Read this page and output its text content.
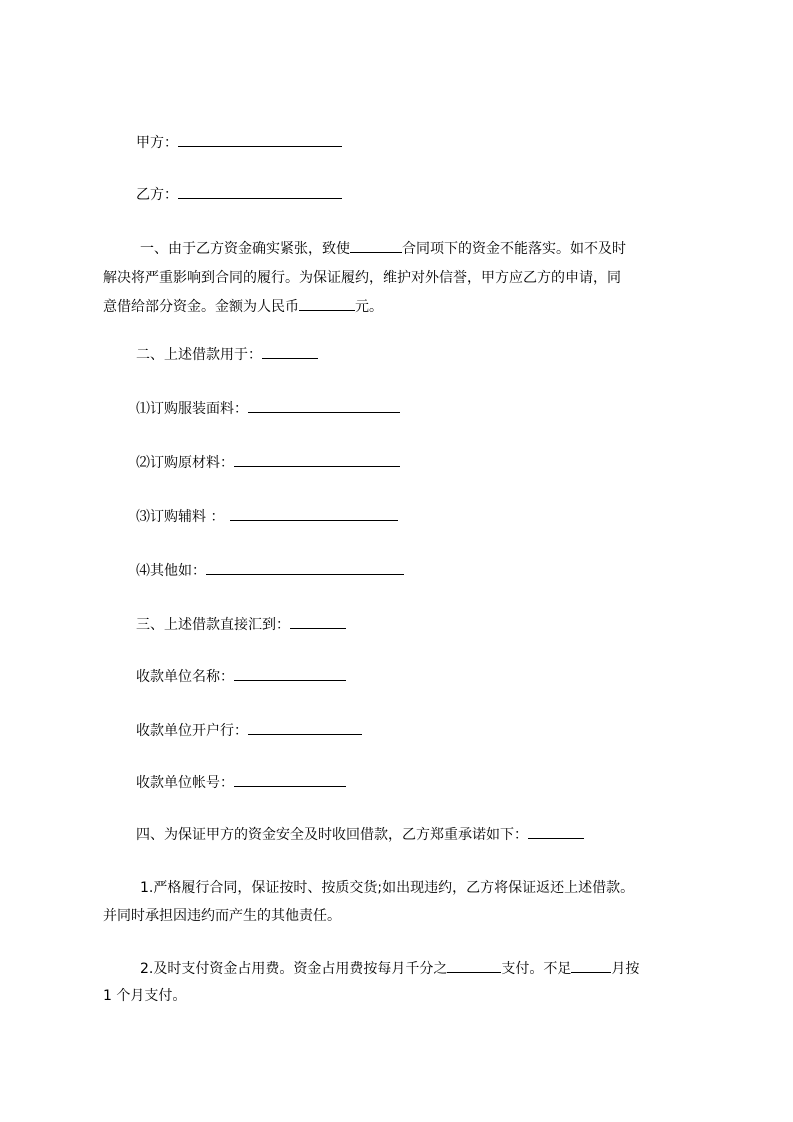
甲方：
乙方：
一、由于乙方资金确实紧张，致使	合同项下的资金不能落实。如不及时
解决将严重影响到合同的履行。为保证履约，维护对外信誉，甲方应乙方的申请，同
意借给部分资金。金额为人民币	元。
二、上述借款用于：
⑴订购服装面料：
⑵订购原材料：
⑶订购辅料 ：
⑷其他如：
三、上述借款直接汇到：
收款单位名称：
收款单位开户行：
收款单位帐号：
四、为保证甲方的资金安全及时收回借款，乙方郑重承诺如下：
1.严格履行合同，保证按时、按质交货;如出现违约，乙方将保证返还上述借款。
并同时承担因违约而产生的其他责任。
2.及时支付资金占用费。资金占用费按每月千分之	支付。不足	月按
1 个月支付。
